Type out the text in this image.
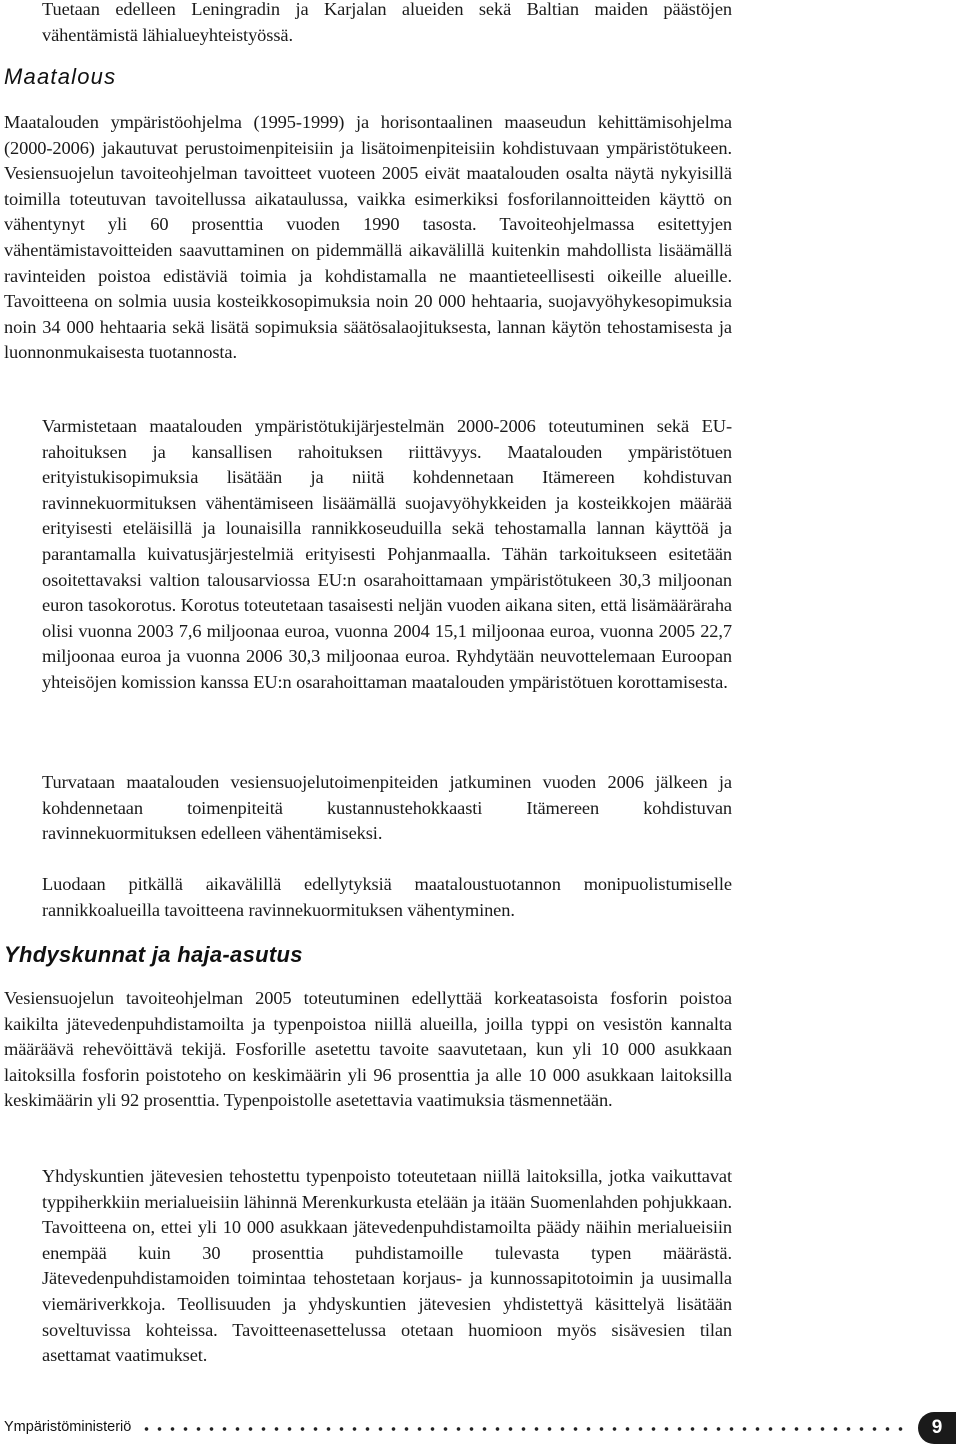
Tuetaan edelleen Leningradin ja Karjalan alueiden sekä Baltian maiden päästöjen vähentämistä lähialueyhteistyössä.

Maatalous

Maatalouden ympäristöohjelma (1995-1999) ja horisontaalinen maaseudun kehittämisohjelma (2000-2006) jakautuvat perustoimenpiteisiin ja lisätoimenpiteisiin kohdistuvaan ympäristötukeen. Vesiensuojelun tavoiteohjelman tavoitteet vuoteen 2005 eivät maatalouden osalta näytä nykyisillä toimilla toteutuvan tavoitellussa aikataulussa, vaikka esimerkiksi fosforilannoitteiden käyttö on vähentynyt yli 60 prosenttia vuoden 1990 tasosta. Tavoiteohjelmassa esitettyjen vähentämistavoitteiden saavuttaminen on pidemmällä aikavälillä kuitenkin mahdollista lisäämällä ravinteiden poistoa edistäviä toimia ja kohdistamalla ne maantieteellisesti oikeille alueille. Tavoitteena on solmia uusia kosteikkosopimuksia noin 20 000 hehtaaria, suojavyöhykesopimuksia noin 34 000 hehtaaria sekä lisätä sopimuksia säätösalaojituksesta, lannan käytön tehostamisesta ja luonnonmukaisesta tuotannosta.

Varmistetaan maatalouden ympäristötukijärjestelmän 2000-2006 toteutuminen sekä EU-rahoituksen ja kansallisen rahoituksen riittävyys. Maatalouden ympäristötuen erityistukisopimuksia lisätään ja niitä kohdennetaan Itämereen kohdistuvan ravinnekuormituksen vähentämiseen lisäämällä suojavyöhykkeiden ja kosteikkojen määrää erityisesti eteläisillä ja lounaisilla rannikkoseuduilla sekä tehostamalla lannan käyttöä ja parantamalla kuivatusjärjestelmiä erityisesti Pohjanmaalla. Tähän tarkoitukseen esitetään osoitettavaksi valtion talousarviossa EU:n osarahoittamaan ympäristötukeen 30,3 miljoonan euron tasokorotus. Korotus toteutetaan tasaisesti neljän vuoden aikana siten, että lisämääräraha olisi vuonna 2003 7,6 miljoonaa euroa, vuonna 2004 15,1 miljoonaa euroa, vuonna 2005 22,7 miljoonaa euroa ja vuonna 2006 30,3 miljoonaa euroa. Ryhdytään neuvottelemaan Euroopan yhteisöjen komission kanssa EU:n osarahoittaman maatalouden ympäristötuen korottamisesta.

Turvataan maatalouden vesiensuojelutoimenpiteiden jatkuminen vuoden 2006 jälkeen ja kohdennetaan toimenpiteitä kustannustehokkaasti Itämereen kohdistuvan ravinnekuormituksen edelleen vähentämiseksi.

Luodaan pitkällä aikavälillä edellytyksiä maataloustuotannon monipuolistumiselle rannikkoalueilla tavoitteena ravinnekuormituksen vähentyminen.

Yhdyskunnat ja haja-asutus

Vesiensuojelun tavoiteohjelman 2005 toteutuminen edellyttää korkeatasoista fosforin poistoa kaikilta jätevedenpuhdistamoilta ja typenpoistoa niillä alueilla, joilla typpi on vesistön kannalta määräävä rehevöittävä tekijä. Fosforille asetettu tavoite saavutetaan, kun yli 10 000 asukkaan laitoksilla fosforin poistoteho on keskimäärin yli 96 prosenttia ja alle 10 000 asukkaan laitoksilla keskimäärin yli 92 prosenttia. Typenpoistolle asetettavia vaatimuksia täsmennetään.

Yhdyskuntien jätevesien tehostettu typenpoisto toteutetaan niillä laitoksilla, jotka vaikuttavat typpiherkkiin merialueisiin lähinnä Merenkurkusta etelään ja itään Suomenlahden pohjukkaan. Tavoitteena on, ettei yli 10 000 asukkaan jätevedenpuhdistamoilta päädy näihin merialueisiin enempää kuin 30 prosenttia puhdistamoille tulevasta typen määrästä. Jätevedenpuhdistamoiden toimintaa tehostetaan korjaus- ja kunnossapitotoimin ja uusimalla viemäriverkkoja. Teollisuuden ja yhdyskuntien jätevesien yhdistettyä käsittelyä lisätään soveltuvissa kohteissa. Tavoitteenasettelussa otetaan huomioon myös sisävesien tilan asettamat vaatimukset.

Ympäristöministeriö	9
